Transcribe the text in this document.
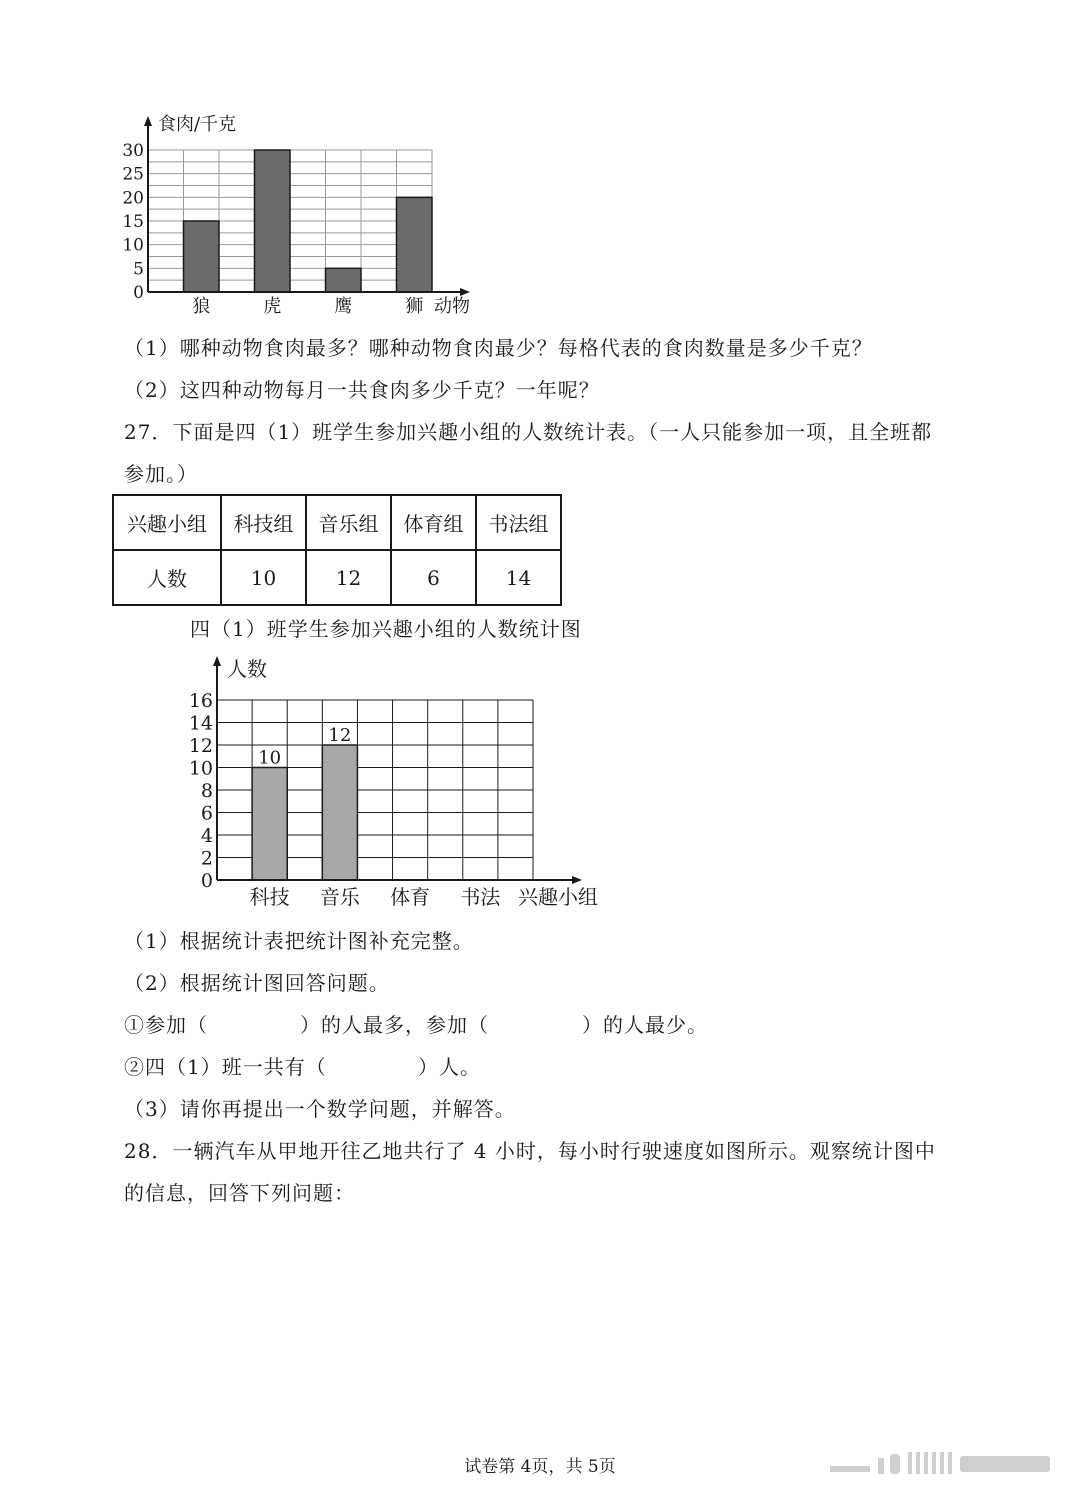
0
5
10
15
20
25
30
狼	虎	鹰	狮
食肉/千克
动物
（1）哪种动物食肉最多？哪种动物食肉最少？每格代表的食肉数量是多少千克？
（2）这四种动物每月一共食肉多少千克？一年呢？
27．下面是四（1）班学生参加兴趣小组的人数统计表。（一人只能参加一项，且全班都
参加。）
兴趣小组	科技组	音乐组	体育组	书法组
人数	10	12	6	14
四（1）班学生参加兴趣小组的人数统计图
10
12
0
2
4
6
8
10
12
14
16
科技 音乐 体育 书法
人数
兴趣小组
（1）根据统计表把统计图补充完整。
（2）根据统计图回答问题。
①参加（	）的人最多，参加（	）的人最少。
②四（1）班一共有（	）人。
（3）请你再提出一个数学问题，并解答。
28．一辆汽车从甲地开往乙地共行了 4 小时，每小时行驶速度如图所示。观察统计图中
的信息，回答下列问题：
试卷第 4页，共 5页
